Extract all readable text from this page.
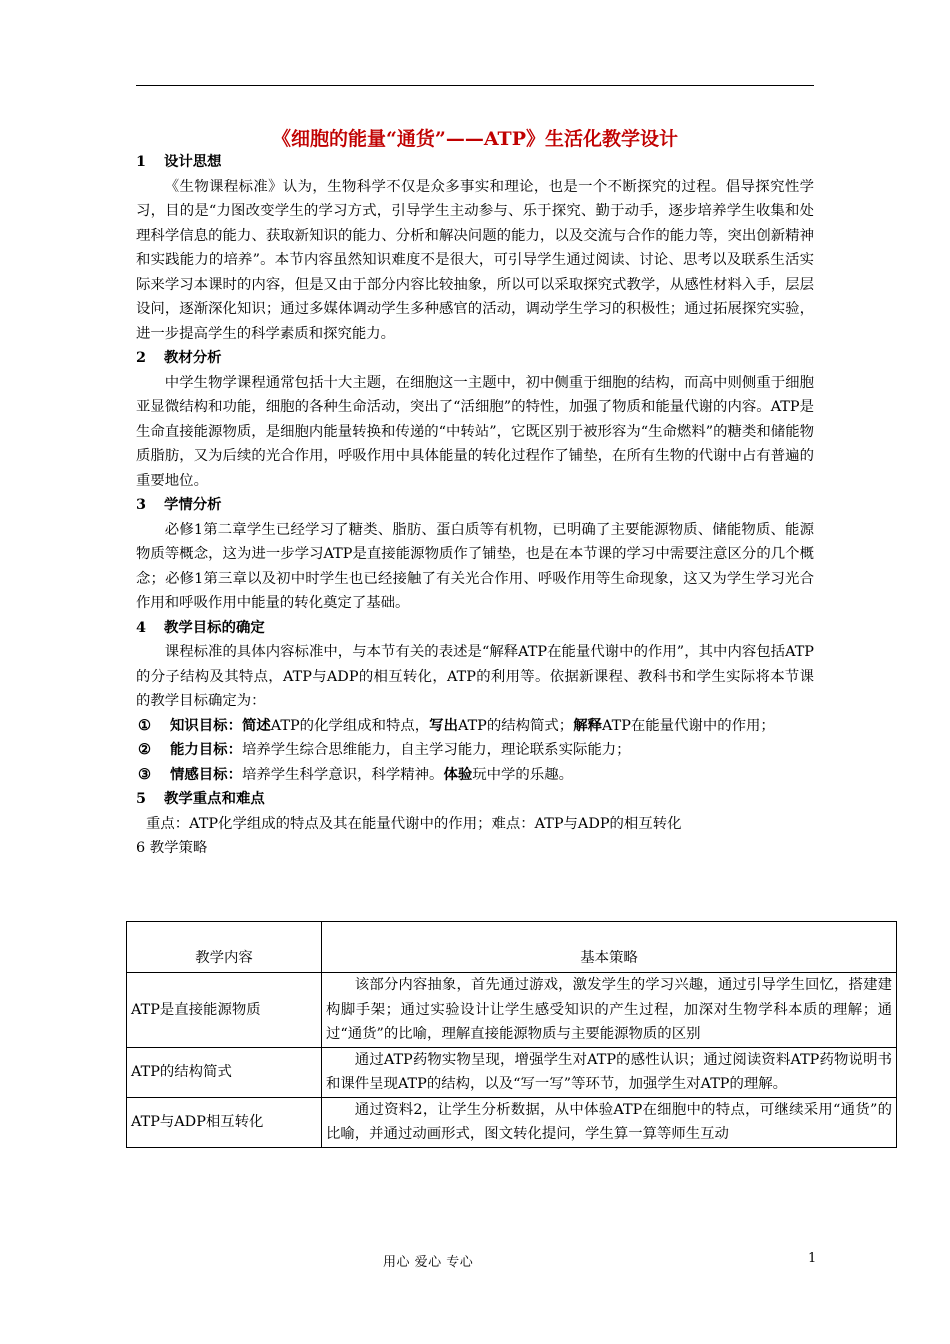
《细胞的能量“通货”——ATP》生活化教学设计

1 设计思想

《生物课程标准》认为，生物科学不仅是众多事实和理论，也是一个不断探究的过程。倡导探究性学习，目的是“力图改变学生的学习方式，引导学生主动参与、乐于探究、勤于动手，逐步培养学生收集和处理科学信息的能力、获取新知识的能力、分析和解决问题的能力，以及交流与合作的能力等，突出创新精神和实践能力的培养”。本节内容虽然知识难度不是很大，可引导学生通过阅读、讨论、思考以及联系生活实际来学习本课时的内容，但是又由于部分内容比较抽象，所以可以采取探究式教学，从感性材料入手，层层设问，逐渐深化知识；通过多媒体调动学生多种感官的活动，调动学生学习的积极性；通过拓展探究实验，进一步提高学生的科学素质和探究能力。

2 教材分析

中学生物学课程通常包括十大主题，在细胞这一主题中，初中侧重于细胞的结构，而高中则侧重于细胞亚显微结构和功能，细胞的各种生命活动，突出了“活细胞”的特性，加强了物质和能量代谢的内容。ATP是生命直接能源物质，是细胞内能量转换和传递的“中转站”，它既区别于被形容为“生命燃料”的糖类和储能物质脂肪，又为后续的光合作用，呼吸作用中具体能量的转化过程作了铺垫，在所有生物的代谢中占有普遍的重要地位。

3 学情分析

必修1第二章学生已经学习了糖类、脂肪、蛋白质等有机物，已明确了主要能源物质、储能物质、能源物质等概念，这为进一步学习ATP是直接能源物质作了铺垫，也是在本节课的学习中需要注意区分的几个概念；必修1第三章以及初中时学生也已经接触了有关光合作用、呼吸作用等生命现象，这又为学生学习光合作用和呼吸作用中能量的转化奠定了基础。

4 教学目标的确定

课程标准的具体内容标准中，与本节有关的表述是“解释ATP在能量代谢中的作用”，其中内容包括ATP的分子结构及其特点，ATP与ADP的相互转化，ATP的利用等。依据新课程、教科书和学生实际将本节课的教学目标确定为：

① 知识目标：简述ATP的化学组成和特点，写出ATP的结构简式；解释ATP在能量代谢中的作用；

② 能力目标：培养学生综合思维能力，自主学习能力，理论联系实际能力；

③ 情感目标：培养学生科学意识，科学精神。体验玩中学的乐趣。

5 教学重点和难点

重点：ATP化学组成的特点及其在能量代谢中的作用；难点：ATP与ADP的相互转化

6 教学策略

教学内容	基本策略
ATP是直接能源物质	该部分内容抽象，首先通过游戏，激发学生的学习兴趣，通过引导学生回忆，搭建建构脚手架；通过实验设计让学生感受知识的产生过程，加深对生物学科本质的理解；通过“通货”的比喻，理解直接能源物质与主要能源物质的区别
ATP的结构简式	通过ATP药物实物呈现，增强学生对ATP的感性认识；通过阅读资料ATP药物说明书和课件呈现ATP的结构，以及“写一写”等环节，加强学生对ATP的理解。
ATP与ADP相互转化	通过资料2，让学生分析数据，从中体验ATP在细胞中的特点，可继续采用“通货”的比喻，并通过动画形式，图文转化提问，学生算一算等师生互动
用心 爱心 专心	1
